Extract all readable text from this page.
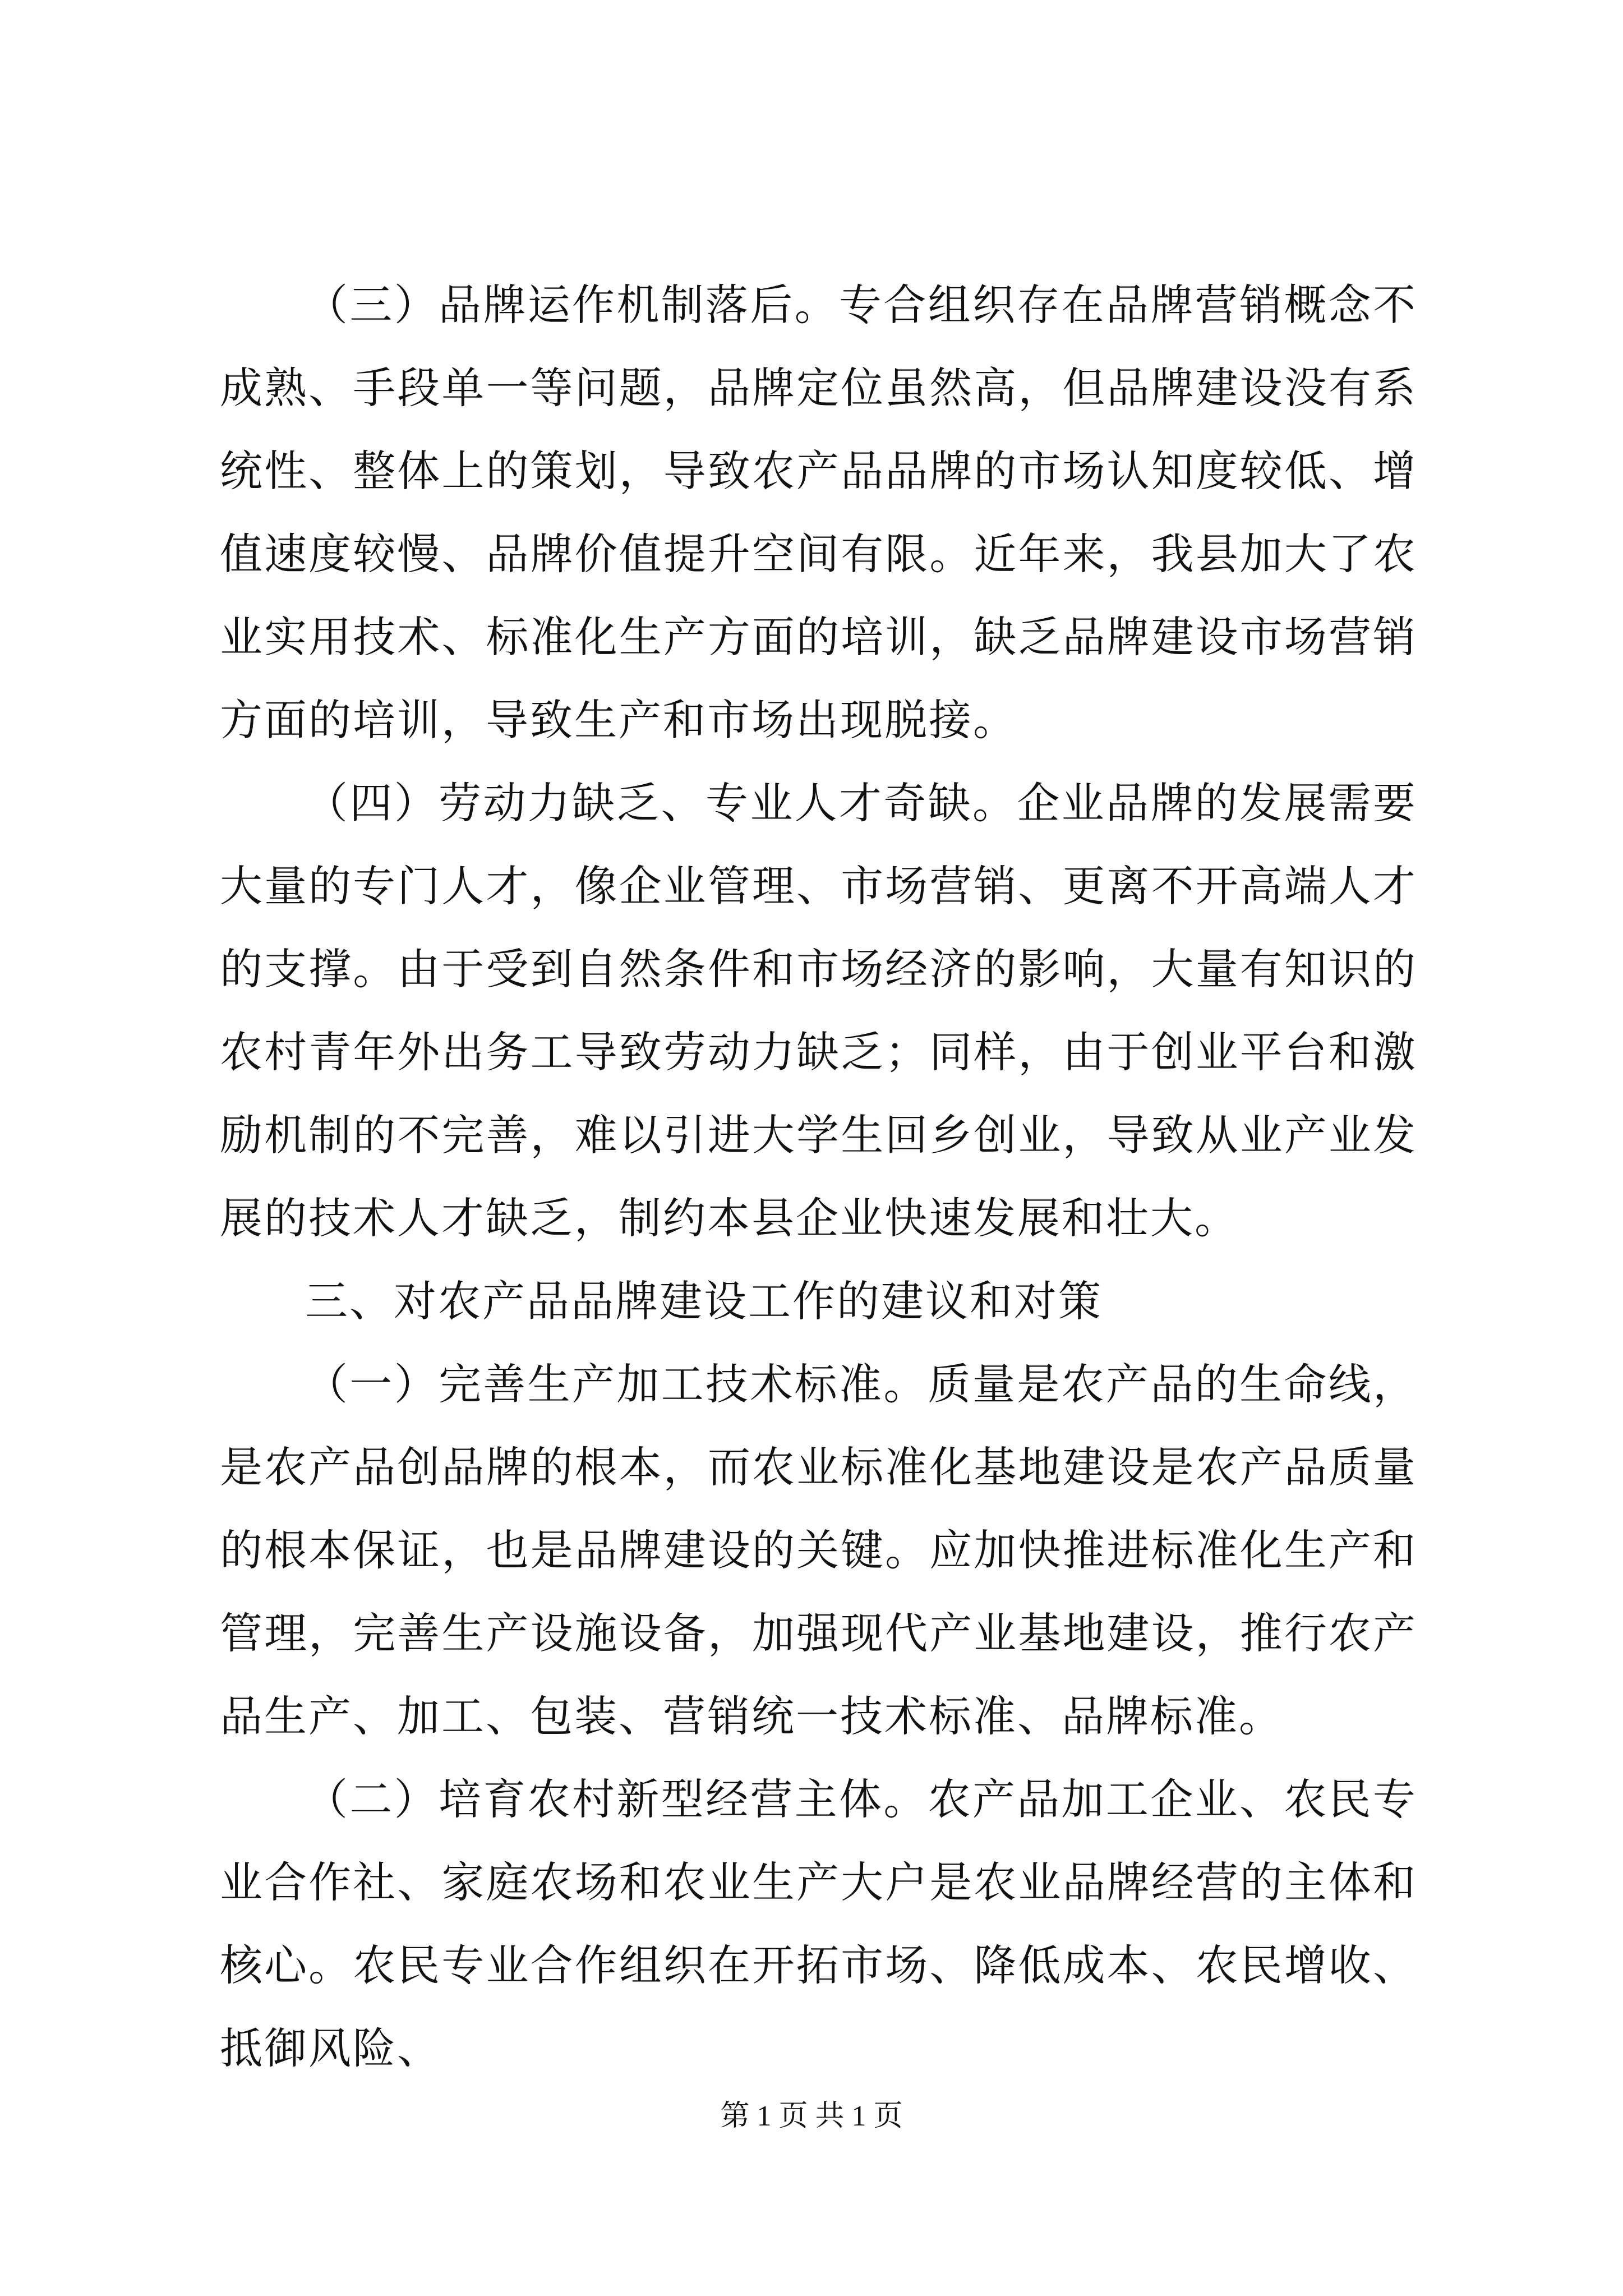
（三）品牌运作机制落后。专合组织存在品牌营销概念不成熟、手段单一等问题，品牌定位虽然高，但品牌建设没有系统性、整体上的策划，导致农产品品牌的市场认知度较低、增值速度较慢、品牌价值提升空间有限。近年来，我县加大了农业实用技术、标准化生产方面的培训，缺乏品牌建设市场营销方面的培训，导致生产和市场出现脱接。

（四）劳动力缺乏、专业人才奇缺。企业品牌的发展需要大量的专门人才，像企业管理、市场营销、更离不开高端人才的支撑。由于受到自然条件和市场经济的影响，大量有知识的农村青年外出务工导致劳动力缺乏；同样，由于创业平台和激励机制的不完善，难以引进大学生回乡创业，导致从业产业发展的技术人才缺乏，制约本县企业快速发展和壮大。

三、对农产品品牌建设工作的建议和对策

（一）完善生产加工技术标准。质量是农产品的生命线，是农产品创品牌的根本，而农业标准化基地建设是农产品质量的根本保证，也是品牌建设的关键。应加快推进标准化生产和管理，完善生产设施设备，加强现代产业基地建设，推行农产品生产、加工、包装、营销统一技术标准、品牌标准。

（二）培育农村新型经营主体。农产品加工企业、农民专业合作社、家庭农场和农业生产大户是农业品牌经营的主体和核心。农民专业合作组织在开拓市场、降低成本、农民增收、抵御风险、

第 1 页 共 1 页
